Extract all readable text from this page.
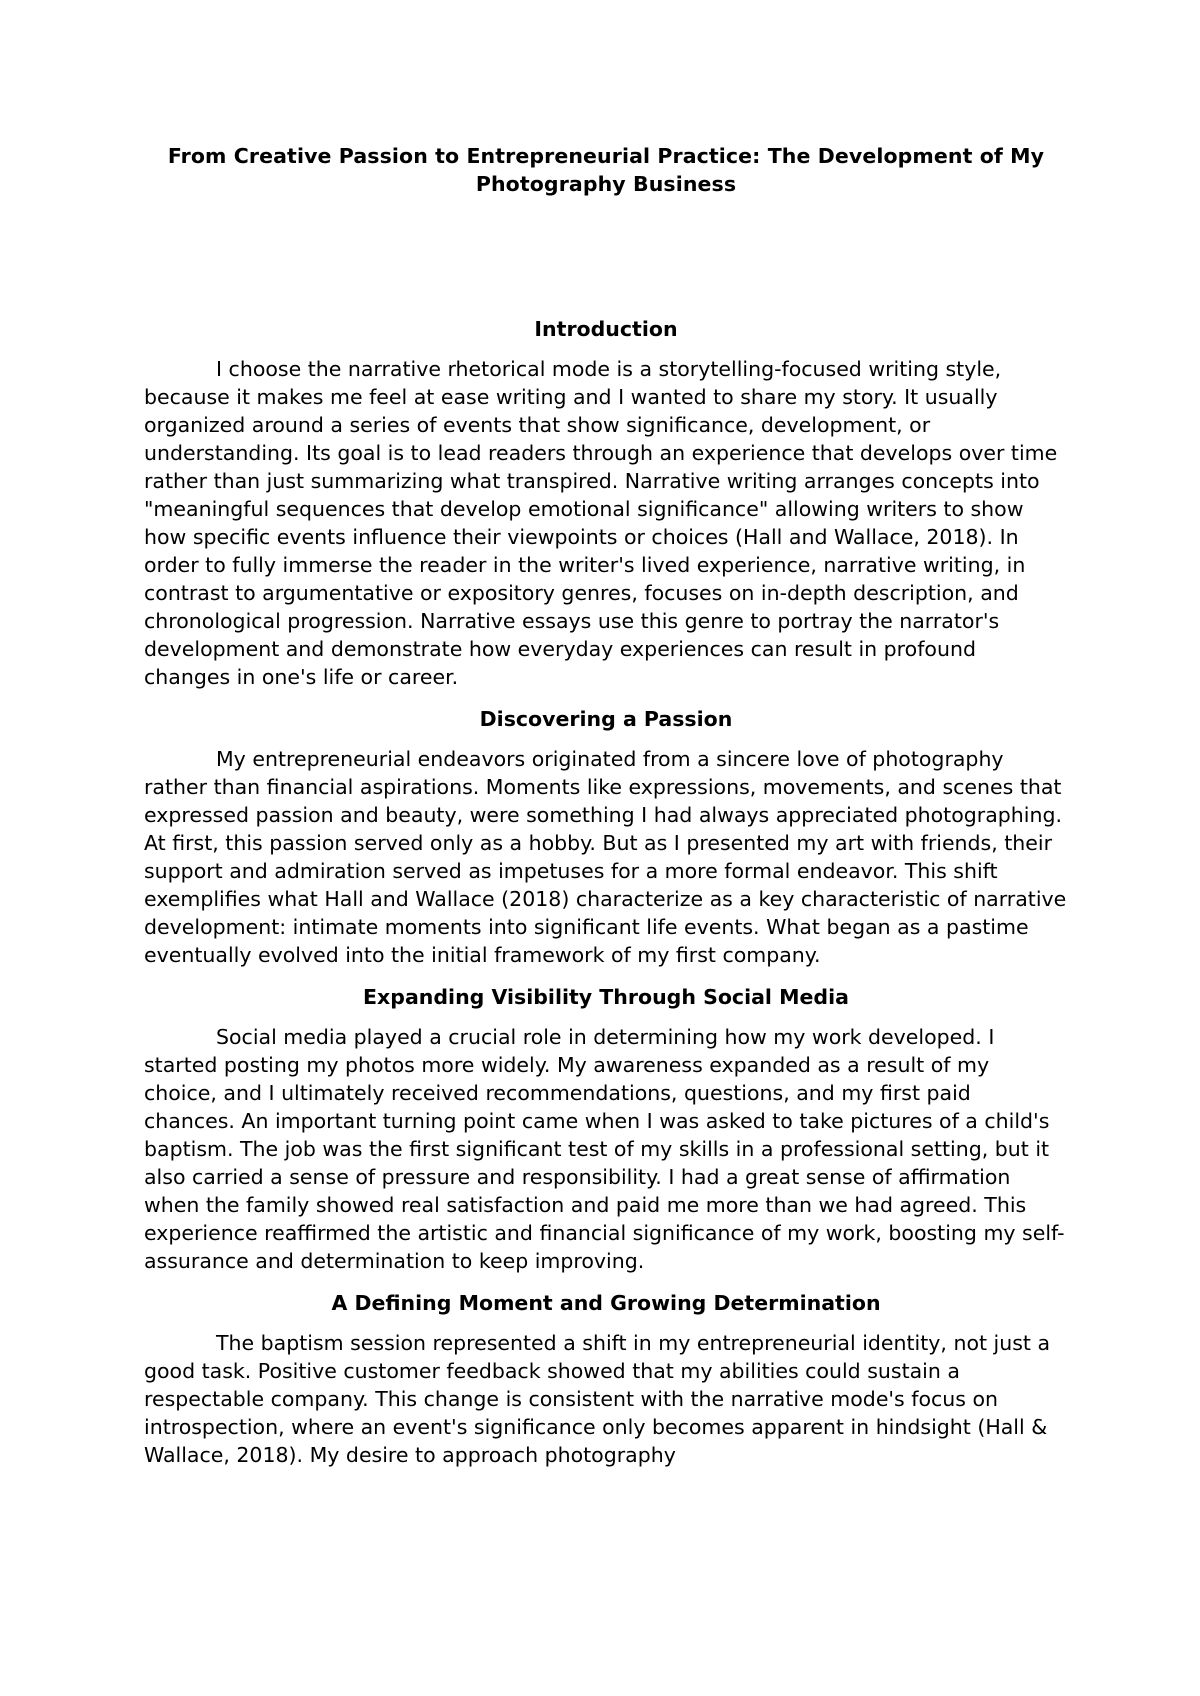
From Creative Passion to Entrepreneurial Practice: The Development of My Photography Business

Introduction

I choose the narrative rhetorical mode is a storytelling-focused writing style, because it makes me feel at ease writing and I wanted to share my story. It usually organized around a series of events that show significance, development, or understanding. Its goal is to lead readers through an experience that develops over time rather than just summarizing what transpired. Narrative writing arranges concepts into "meaningful sequences that develop emotional significance" allowing writers to show how specific events influence their viewpoints or choices (Hall and Wallace, 2018). In order to fully immerse the reader in the writer's lived experience, narrative writing, in contrast to argumentative or expository genres, focuses on in-depth description, and chronological progression. Narrative essays use this genre to portray the narrator's development and demonstrate how everyday experiences can result in profound changes in one's life or career.

Discovering a Passion

My entrepreneurial endeavors originated from a sincere love of photography rather than financial aspirations. Moments like expressions, movements, and scenes that expressed passion and beauty, were something I had always appreciated photographing. At first, this passion served only as a hobby. But as I presented my art with friends, their support and admiration served as impetuses for a more formal endeavor. This shift exemplifies what Hall and Wallace (2018) characterize as a key characteristic of narrative development: intimate moments into significant life events. What began as a pastime eventually evolved into the initial framework of my first company.

Expanding Visibility Through Social Media

Social media played a crucial role in determining how my work developed. I started posting my photos more widely. My awareness expanded as a result of my choice, and I ultimately received recommendations, questions, and my first paid chances. An important turning point came when I was asked to take pictures of a child's baptism. The job was the first significant test of my skills in a professional setting, but it also carried a sense of pressure and responsibility. I had a great sense of affirmation when the family showed real satisfaction and paid me more than we had agreed. This experience reaffirmed the artistic and financial significance of my work, boosting my self-assurance and determination to keep improving.

A Defining Moment and Growing Determination

The baptism session represented a shift in my entrepreneurial identity, not just a good task. Positive customer feedback showed that my abilities could sustain a respectable company. This change is consistent with the narrative mode's focus on introspection, where an event's significance only becomes apparent in hindsight (Hall & Wallace, 2018). My desire to approach photography
